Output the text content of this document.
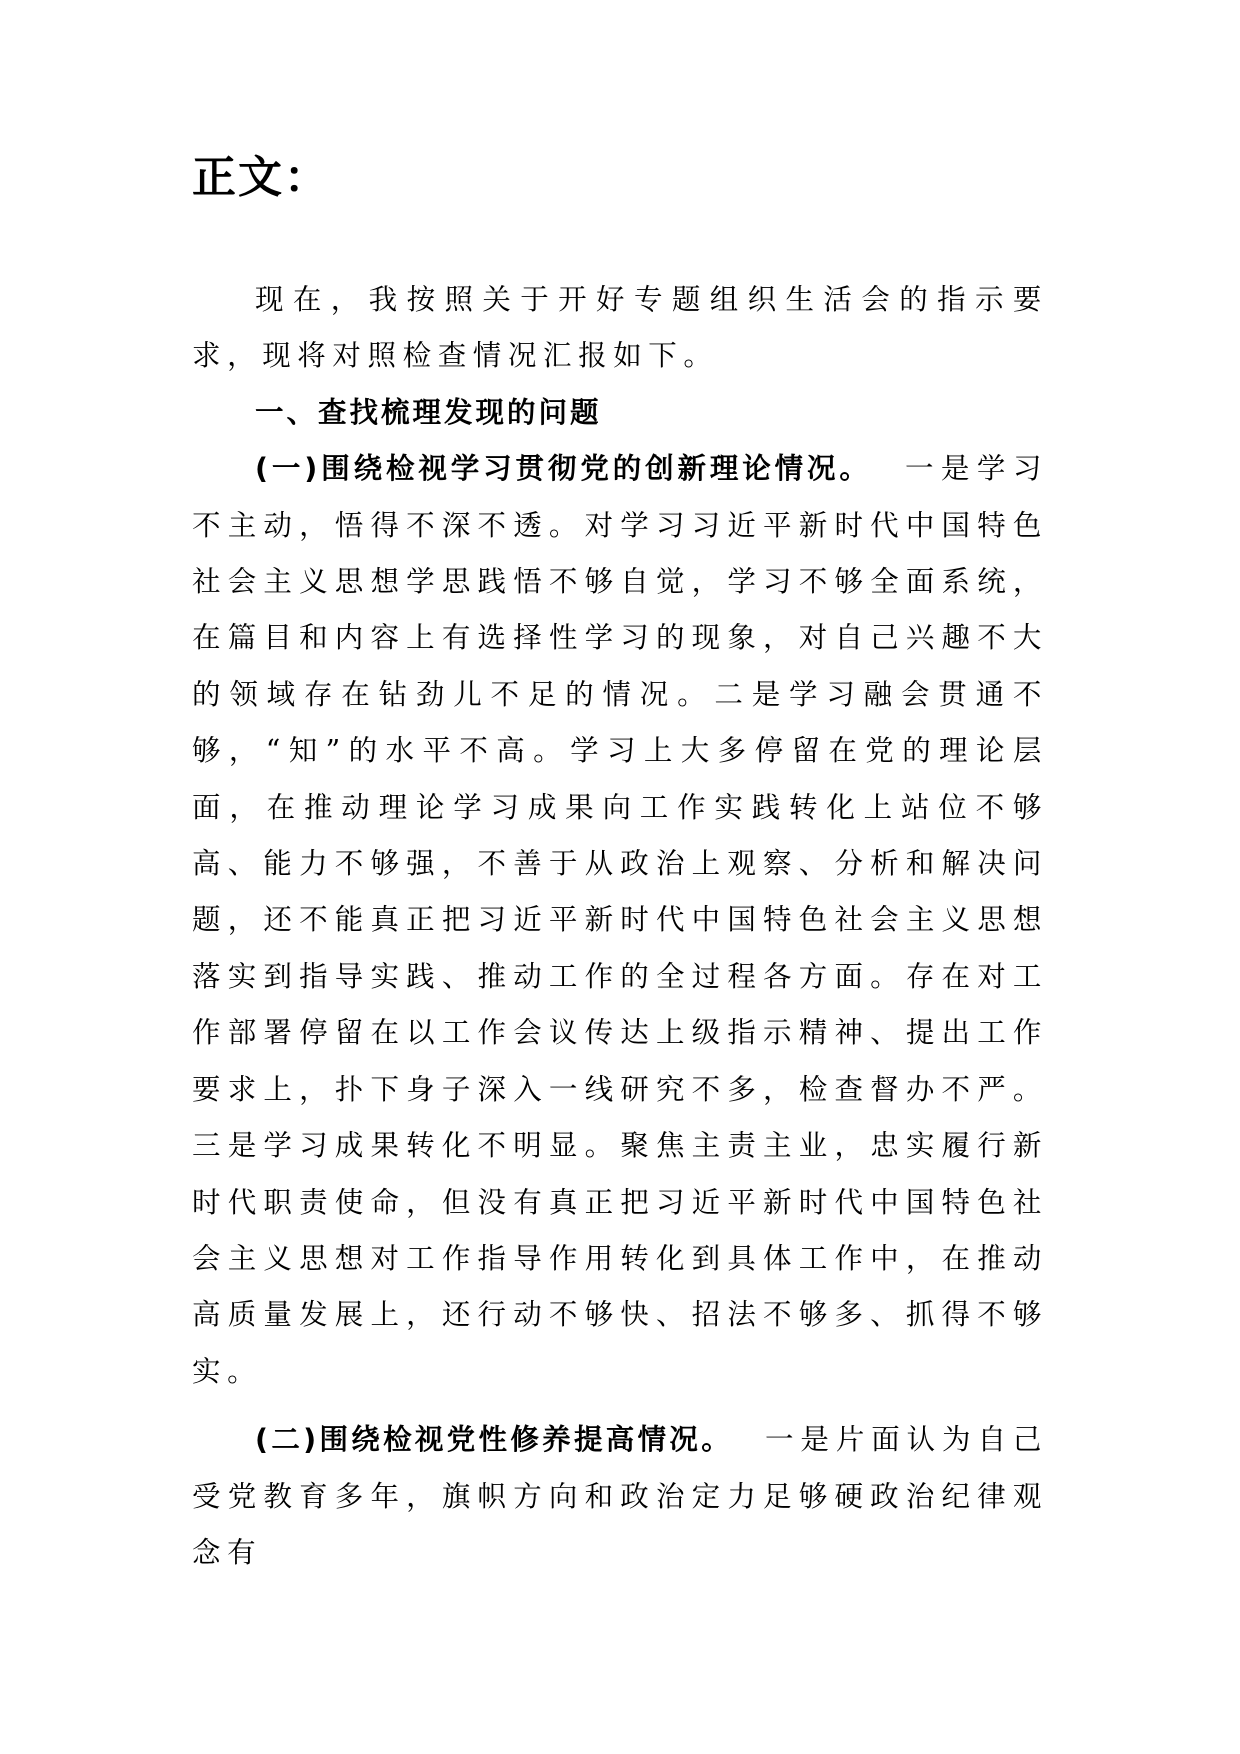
正文：

现在，我按照关于开好专题组织生活会的指示要求，现将对照检查情况汇报如下。

一、查找梳理发现的问题

(一)围绕检视学习贯彻党的创新理论情况。 一是学习不主动，悟得不深不透。对学习习近平新时代中国特色社会主义思想学思践悟不够自觉，学习不够全面系统，在篇目和内容上有选择性学习的现象，对自己兴趣不大的领域存在钻劲儿不足的情况。二是学习融会贯通不够，“知”的水平不高。学习上大多停留在党的理论层面，在推动理论学习成果向工作实践转化上站位不够高、能力不够强，不善于从政治上观察、分析和解决问题，还不能真正把习近平新时代中国特色社会主义思想落实到指导实践、推动工作的全过程各方面。存在对工作部署停留在以工作会议传达上级指示精神、提出工作要求上，扑下身子深入一线研究不多，检查督办不严。三是学习成果转化不明显。聚焦主责主业，忠实履行新时代职责使命，但没有真正把习近平新时代中国特色社会主义思想对工作指导作用转化到具体工作中，在推动高质量发展上，还行动不够快、招法不够多、抓得不够实。

(二)围绕检视党性修养提高情况。 一是片面认为自己受党教育多年，旗帜方向和政治定力足够硬政治纪律观念有
